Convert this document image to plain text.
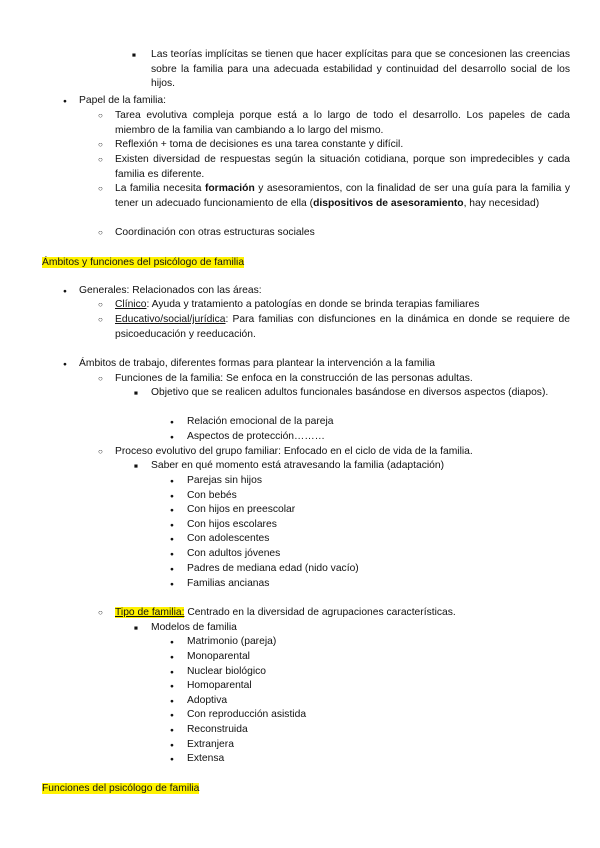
■
Las teorías implícitas se tienen que hacer explícitas para que se concesionen las creencias sobre la familia para una adecuada estabilidad y continuidad del desarrollo social de los hijos.
●
Papel de la familia:
○
Tarea evolutiva compleja porque está a lo largo de todo el desarrollo. Los papeles de cada miembro de la familia van cambiando a lo largo del mismo.
○
Reflexión + toma de decisiones es una tarea constante y difícil.
○
Existen diversidad de respuestas según la situación cotidiana, porque son impredecibles y cada familia es diferente.
○
La familia necesita formación y asesoramientos, con la finalidad de ser una guía para la familia y tener un adecuado funcionamiento de ella (dispositivos de asesoramiento, hay necesidad)
○
Coordinación con otras estructuras sociales
Ámbitos y funciones del psicólogo de familia
●
Generales: Relacionados con las áreas:
○
Clínico: Ayuda y tratamiento a patologías en donde se brinda terapias familiares
○
Educativo/social/jurídica: Para familias con disfunciones en la dinámica en donde se requiere de psicoeducación y reeducación.
●
Ámbitos de trabajo, diferentes formas para plantear la intervención a la familia
○
Funciones de la familia: Se enfoca en la construcción de las personas adultas.
■
Objetivo que se realicen adultos funcionales basándose en diversos aspectos (diapos).
●
Relación emocional de la pareja
●
Aspectos de protección………
○
Proceso evolutivo del grupo familiar: Enfocado en el ciclo de vida de la familia.
■
Saber en qué momento está atravesando la familia (adaptación)
●
Parejas sin hijos
●
Con bebés
●
Con hijos en preescolar
●
Con hijos escolares
●
Con adolescentes
●
Con adultos jóvenes
●
Padres de mediana edad (nido vacío)
●
Familias ancianas
○
Tipo de familia: Centrado en la diversidad de agrupaciones características.
■
Modelos de familia
●
Matrimonio (pareja)
●
Monoparental
●
Nuclear biológico
●
Homoparental
●
Adoptiva
●
Con reproducción asistida
●
Reconstruida
●
Extranjera
●
Extensa
Funciones del psicólogo de familia
